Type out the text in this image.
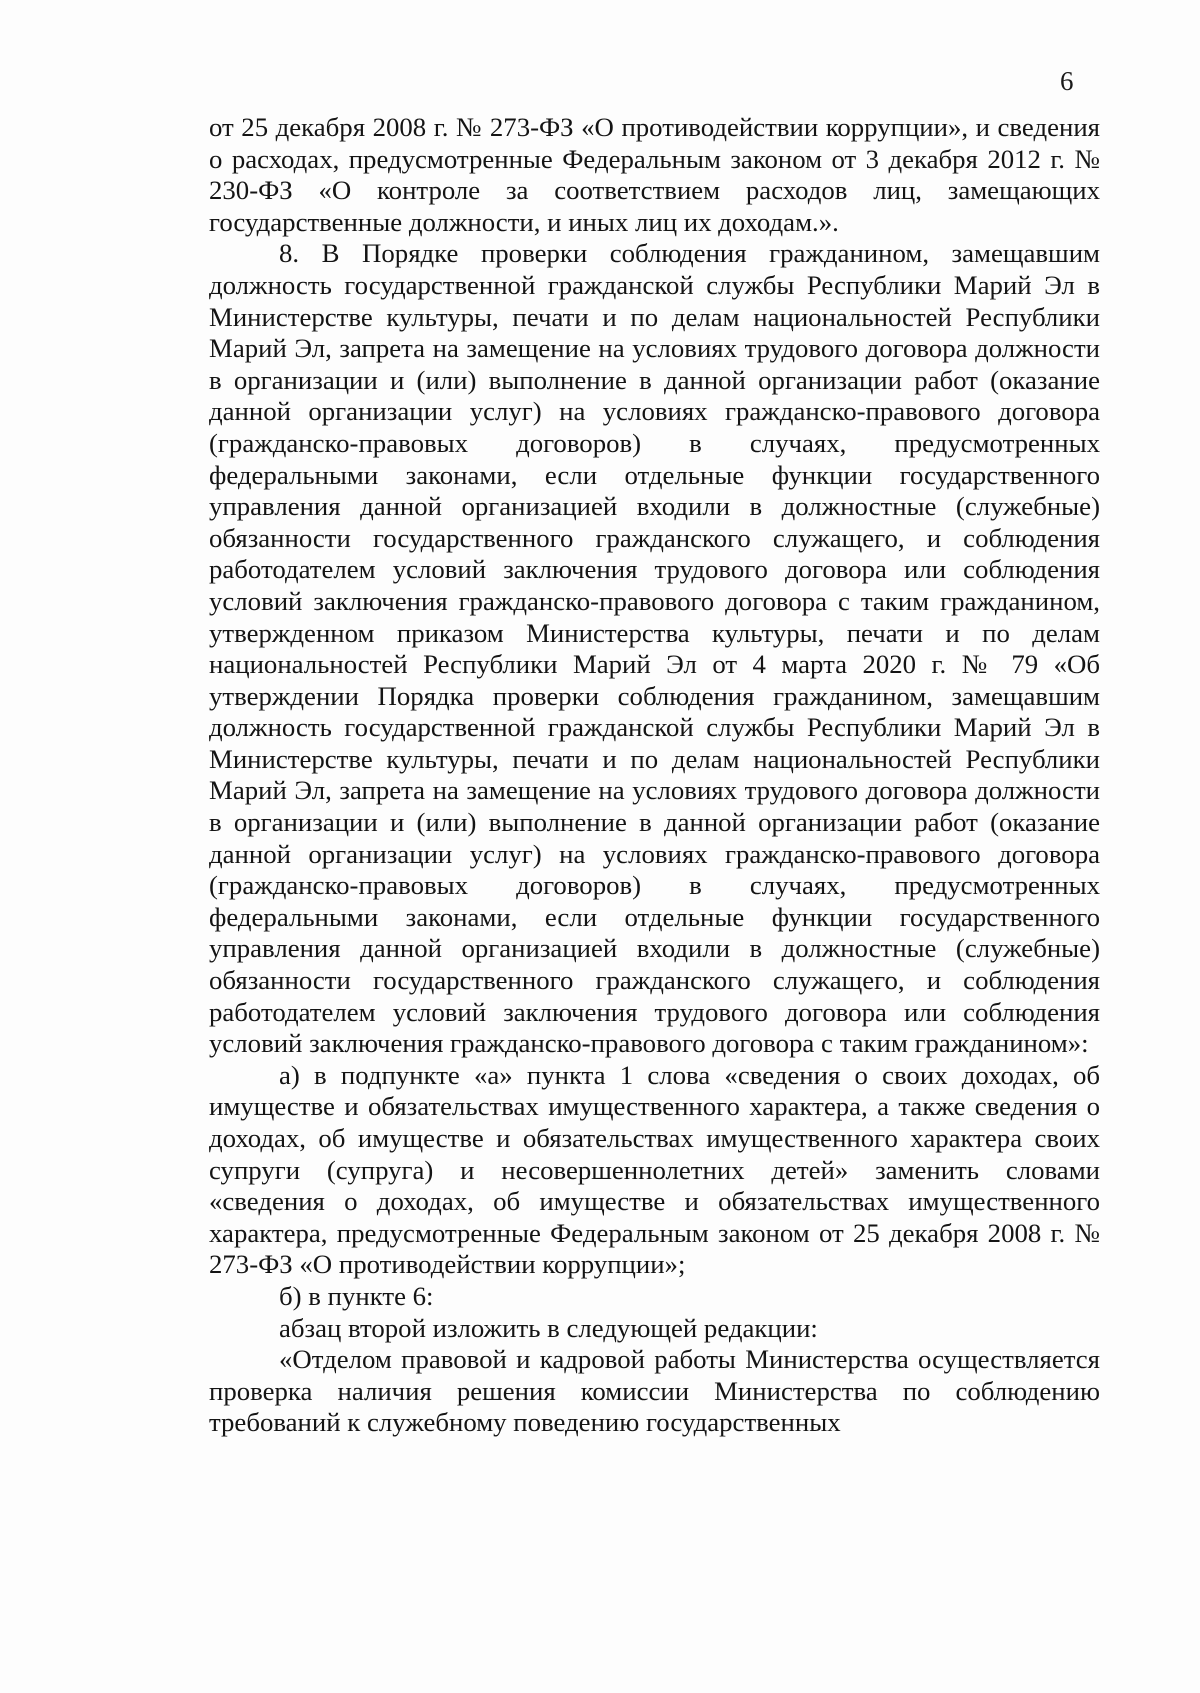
6

от 25 декабря 2008 г. № 273-ФЗ «О противодействии коррупции», и сведения о расходах, предусмотренные Федеральным законом от 3 декабря 2012 г. № 230-ФЗ «О контроле за соответствием расходов лиц, замещающих государственные должности, и иных лиц их доходам.».

8. В Порядке проверки соблюдения гражданином, замещавшим должность государственной гражданской службы Республики Марий Эл в Министерстве культуры, печати и по делам национальностей Республики Марий Эл, запрета на замещение на условиях трудового договора должности в организации и (или) выполнение в данной организации работ (оказание данной организации услуг) на условиях гражданско-правового договора (гражданско-правовых договоров) в случаях, предусмотренных федеральными законами, если отдельные функции государственного управления данной организацией входили в должностные (служебные) обязанности государственного гражданского служащего, и соблюдения работодателем условий заключения трудового договора или соблюдения условий заключения гражданско-правового договора с таким гражданином, утвержденном приказом Министерства культуры, печати и по делам национальностей Республики Марий Эл от 4 марта 2020 г. № 79 «Об утверждении Порядка проверки соблюдения гражданином, замещавшим должность государственной гражданской службы Республики Марий Эл в Министерстве культуры, печати и по делам национальностей Республики Марий Эл, запрета на замещение на условиях трудового договора должности в организации и (или) выполнение в данной организации работ (оказание данной организации услуг) на условиях гражданско-правового договора (гражданско-правовых договоров) в случаях, предусмотренных федеральными законами, если отдельные функции государственного управления данной организацией входили в должностные (служебные) обязанности государственного гражданского служащего, и соблюдения работодателем условий заключения трудового договора или соблюдения условий заключения гражданско-правового договора с таким гражданином»:

а) в подпункте «а» пункта 1 слова «сведения о своих доходах, об имуществе и обязательствах имущественного характера, а также сведения о доходах, об имуществе и обязательствах имущественного характера своих супруги (супруга) и несовершеннолетних детей» заменить словами «сведения о доходах, об имуществе и обязательствах имущественного характера, предусмотренные Федеральным законом от 25 декабря 2008 г. № 273-ФЗ «О противодействии коррупции»;

б) в пункте 6:

абзац второй изложить в следующей редакции:

«Отделом правовой и кадровой работы Министерства осуществляется проверка наличия решения комиссии Министерства по соблюдению требований к служебному поведению государственных
